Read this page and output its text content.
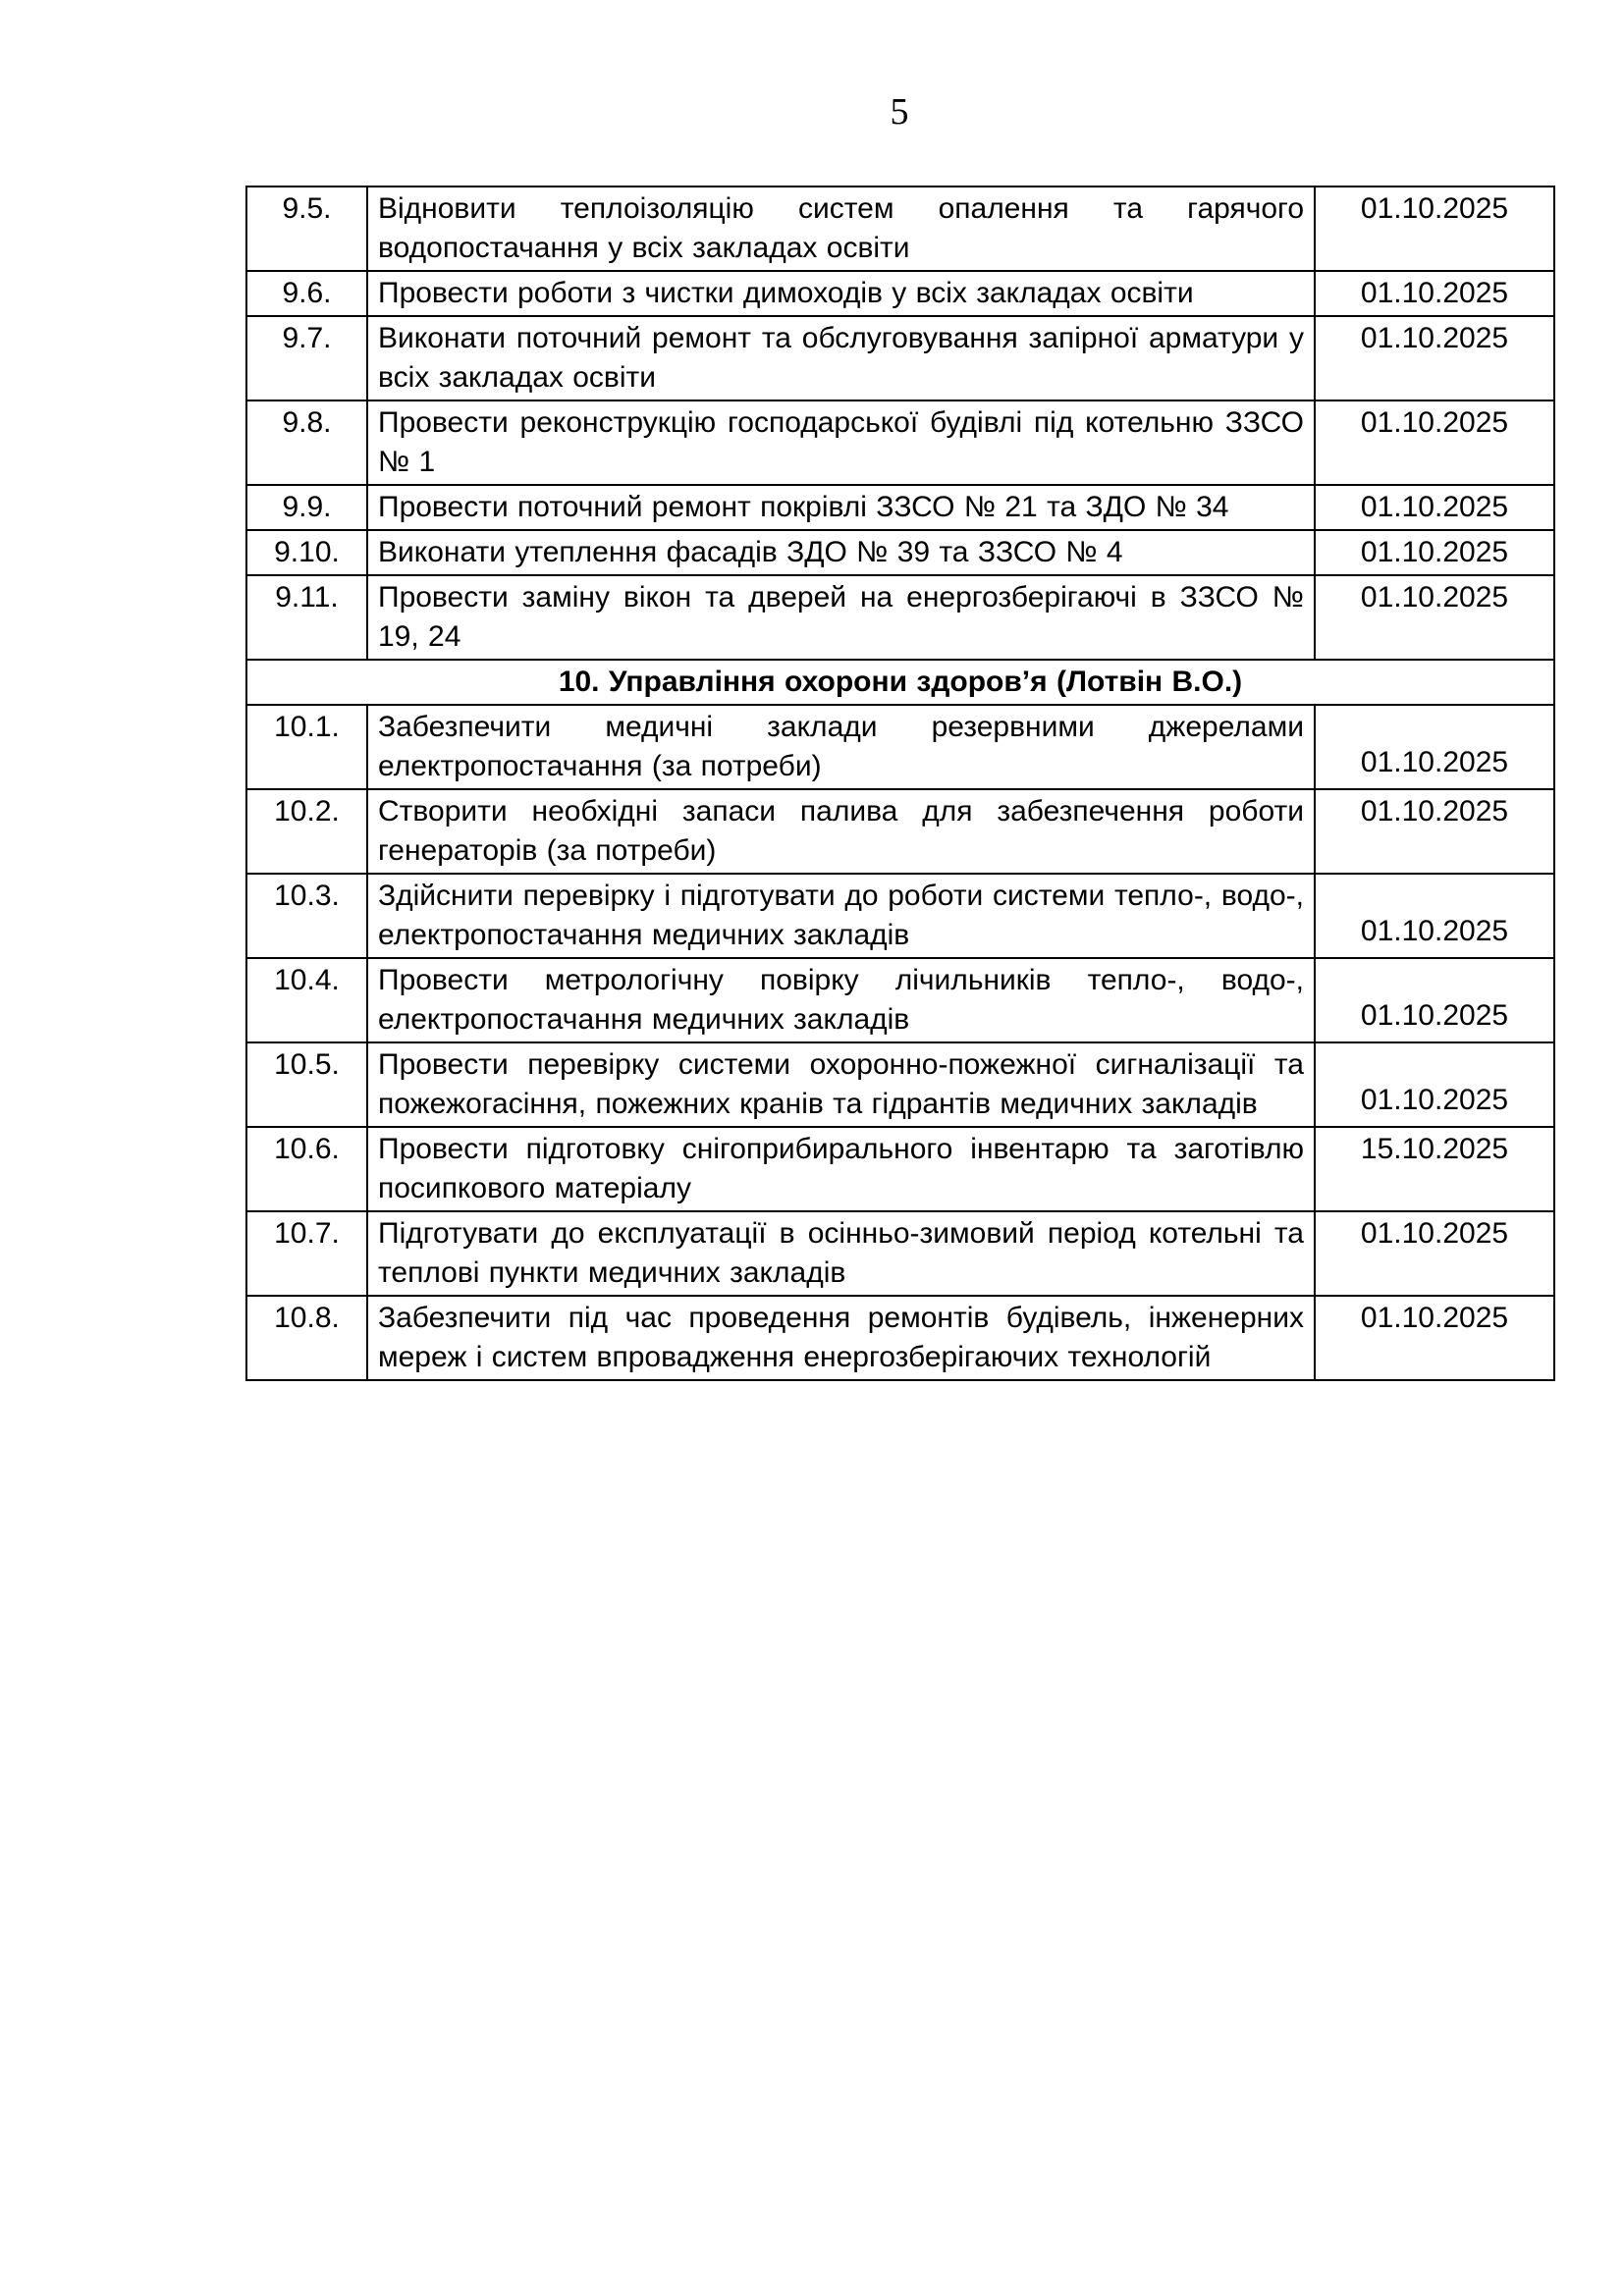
5
9.5.	Відновити теплоізоляцію систем опалення та гарячого водопостачання у всіх закладах освіти	01.10.2025
9.6.	Провести роботи з чистки димоходів у всіх закладах освіти	01.10.2025
9.7.	Виконати поточний ремонт та обслуговування запірної арматури у всіх закладах освіти	01.10.2025
9.8.	Провести реконструкцію господарської будівлі під котельню ЗЗСО № 1	01.10.2025
9.9.	Провести поточний ремонт покрівлі ЗЗСО № 21 та ЗДО № 34	01.10.2025
9.10.	Виконати утеплення фасадів ЗДО № 39 та ЗЗСО № 4	01.10.2025
9.11.	Провести заміну вікон та дверей на енергозберігаючі в ЗЗСО № 19, 24	01.10.2025
10. Управління охорони здоров’я (Лотвін В.О.)		
10.1.	Забезпечити медичні заклади резервними джерелами електропостачання (за потреби)	01.10.2025
10.2.	Створити необхідні запаси палива для забезпечення роботи генераторів (за потреби)	01.10.2025
10.3.	Здійснити перевірку і підготувати до роботи системи тепло-, водо-, електропостачання медичних закладів	01.10.2025
10.4.	Провести метрологічну повірку лічильників тепло-, водо-, електропостачання медичних закладів	01.10.2025
10.5.	Провести перевірку системи охоронно-пожежної сигналізації та пожежогасіння, пожежних кранів та гідрантів медичних закладів	01.10.2025
10.6.	Провести підготовку снігоприбирального інвентарю та заготівлю посипкового матеріалу	15.10.2025
10.7.	Підготувати до експлуатації в осінньо-зимовий період котельні та теплові пункти медичних закладів	01.10.2025
10.8.	Забезпечити під час проведення ремонтів будівель, інженерних мереж і систем впровадження енергозберігаючих технологій	01.10.2025
